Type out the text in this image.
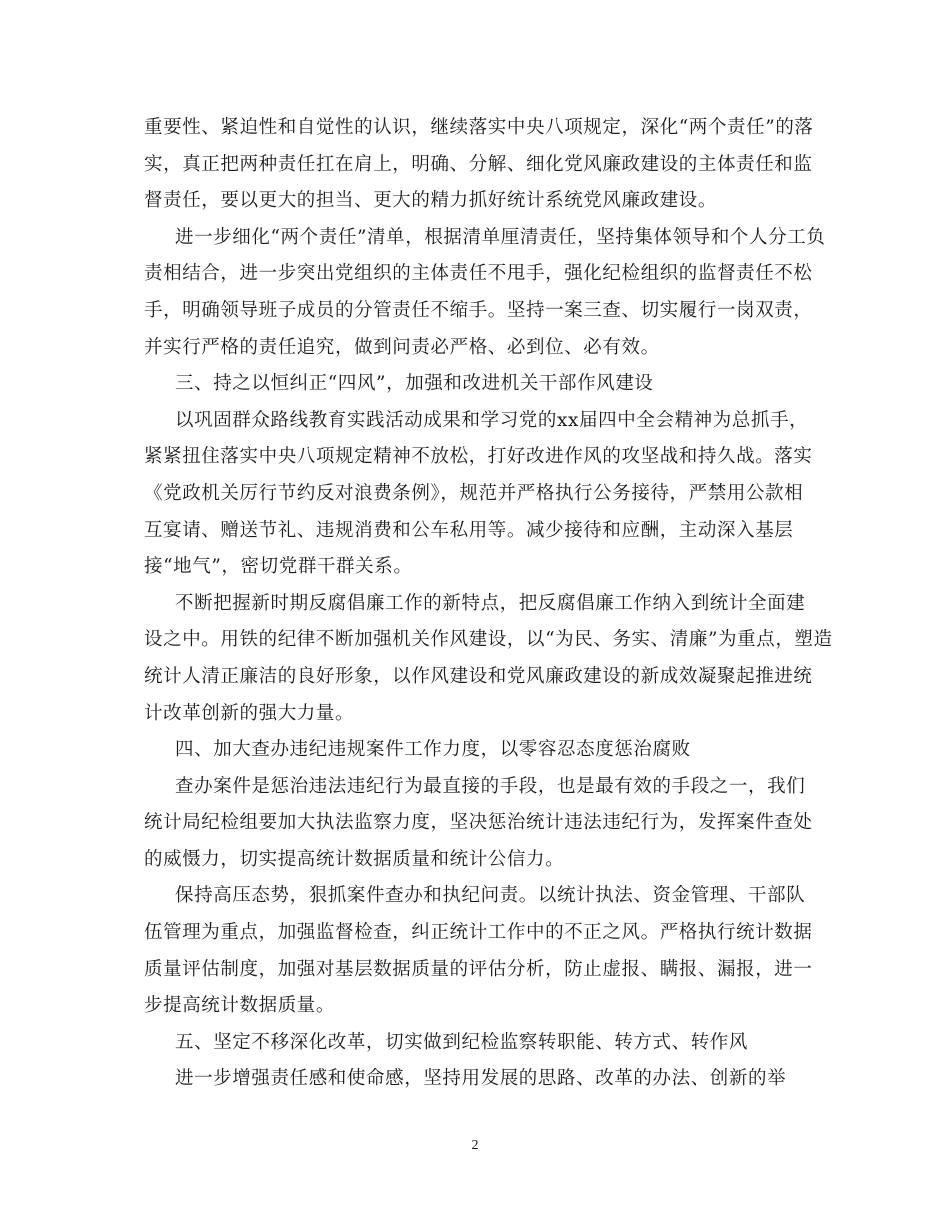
重要性、紧迫性和自觉性的认识，继续落实中央八项规定，深化“两个责任”的落
实，真正把两种责任扛在肩上，明确、分解、细化党风廉政建设的主体责任和监
督责任，要以更大的担当、更大的精力抓好统计系统党风廉政建设。
进一步细化“两个责任”清单，根据清单厘清责任，坚持集体领导和个人分工负
责相结合，进一步突出党组织的主体责任不甩手，强化纪检组织的监督责任不松
手，明确领导班子成员的分管责任不缩手。坚持一案三查、切实履行一岗双责，
并实行严格的责任追究，做到问责必严格、必到位、必有效。
三、持之以恒纠正“四风”，加强和改进机关干部作风建设
以巩固群众路线教育实践活动成果和学习党的xx届四中全会精神为总抓手，
紧紧扭住落实中央八项规定精神不放松，打好改进作风的攻坚战和持久战。落实
《党政机关厉行节约反对浪费条例》，规范并严格执行公务接待，严禁用公款相
互宴请、赠送节礼、违规消费和公车私用等。减少接待和应酬，主动深入基层
接“地气”，密切党群干群关系。
不断把握新时期反腐倡廉工作的新特点，把反腐倡廉工作纳入到统计全面建
设之中。用铁的纪律不断加强机关作风建设，以“为民、务实、清廉”为重点，塑造
统计人清正廉洁的良好形象，以作风建设和党风廉政建设的新成效凝聚起推进统
计改革创新的强大力量。
四、加大查办违纪违规案件工作力度，以零容忍态度惩治腐败
查办案件是惩治违法违纪行为最直接的手段，也是最有效的手段之一，我们
统计局纪检组要加大执法监察力度，坚决惩治统计违法违纪行为，发挥案件查处
的威慑力，切实提高统计数据质量和统计公信力。
保持高压态势，狠抓案件查办和执纪问责。以统计执法、资金管理、干部队
伍管理为重点，加强监督检查，纠正统计工作中的不正之风。严格执行统计数据
质量评估制度，加强对基层数据质量的评估分析，防止虚报、瞒报、漏报，进一
步提高统计数据质量。
五、坚定不移深化改革，切实做到纪检监察转职能、转方式、转作风
进一步增强责任感和使命感，坚持用发展的思路、改革的办法、创新的举
2
